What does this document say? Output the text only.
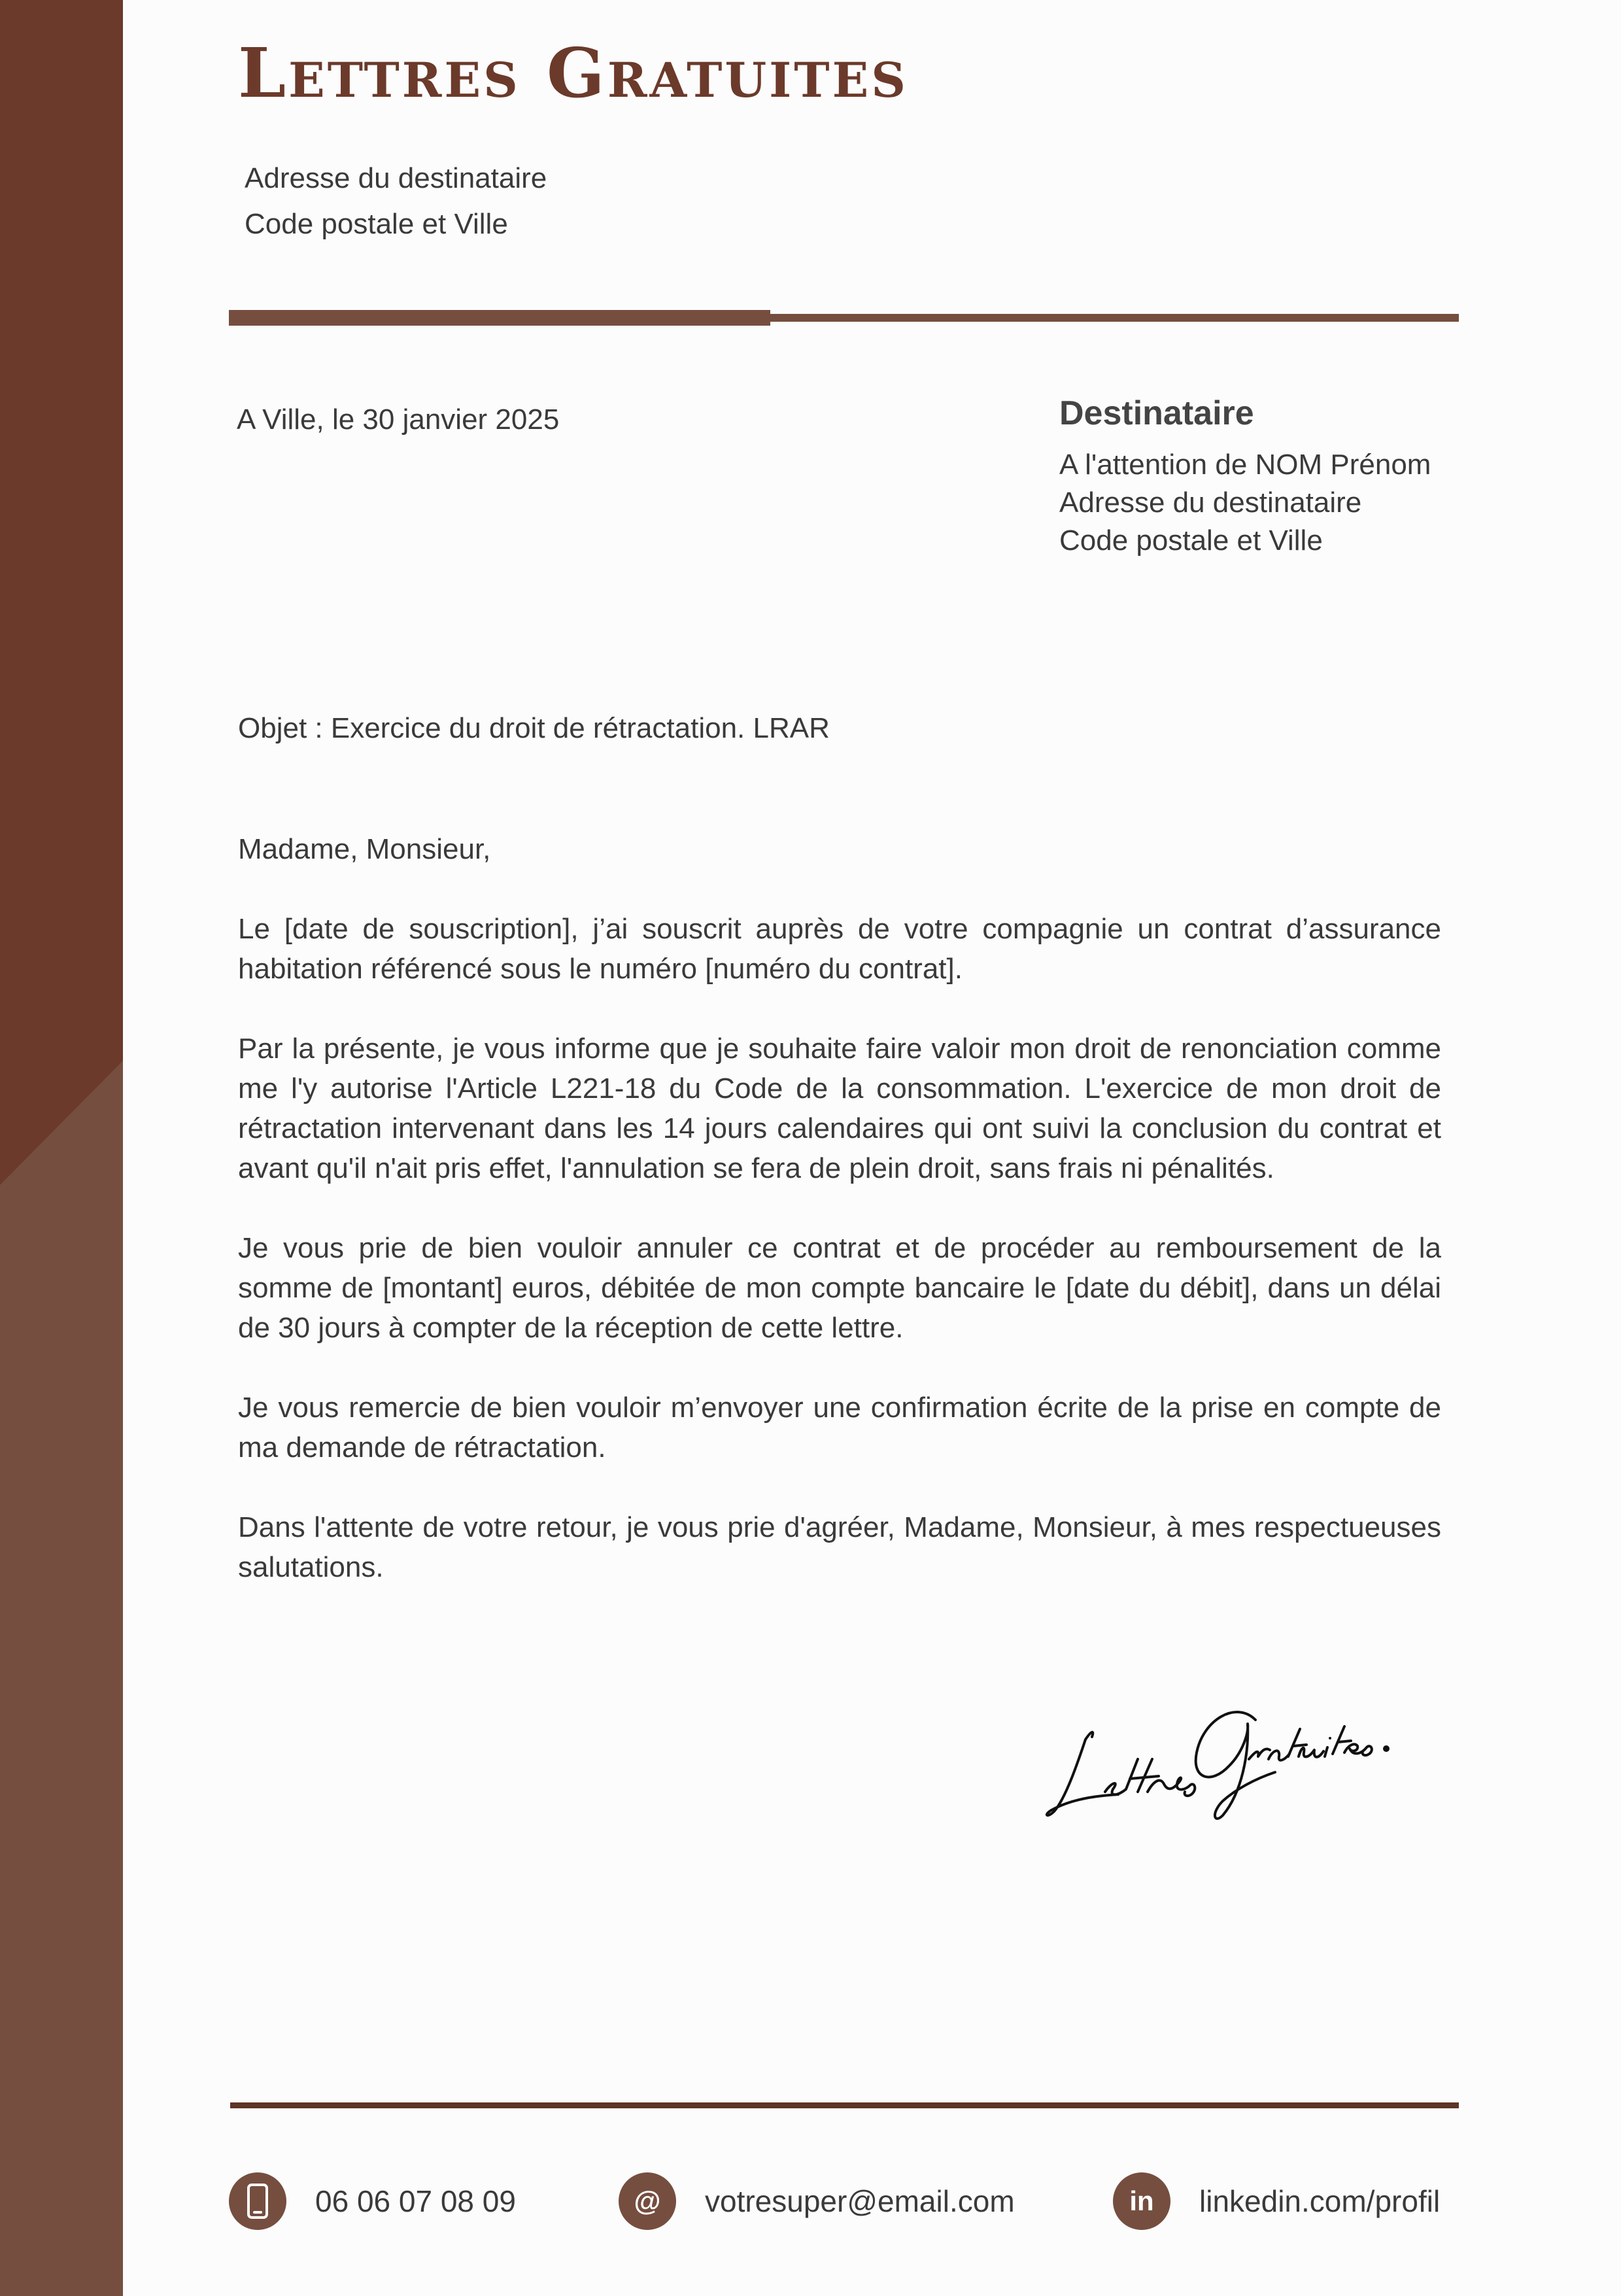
Lettres Gratuites
Adresse du destinataire
Code postale et Ville
A Ville, le 30 janvier 2025	Destinataire
A l'attention de NOM Prénom
Adresse du destinataire
Code postale et Ville
Objet : Exercice du droit de rétractation. LRAR

Madame, Monsieur,

Le [date de souscription], j’ai souscrit auprès de votre compagnie un contrat d’assurance habitation référencé sous le numéro [numéro du contrat].

Par la présente, je vous informe que je souhaite faire valoir mon droit de renonciation comme me l'y autorise l'Article L221-18 du Code de la consommation. L'exercice de mon droit de rétractation intervenant dans les 14 jours calendaires qui ont suivi la conclusion du contrat et avant qu'il n'ait pris effet, l'annulation se fera de plein droit, sans frais ni pénalités.

Je vous prie de bien vouloir annuler ce contrat et de procéder au remboursement de la somme de [montant] euros, débitée de mon compte bancaire le [date du débit], dans un délai de 30 jours à compter de la réception de cette lettre.

Je vous remercie de bien vouloir m’envoyer une confirmation écrite de la prise en compte de ma demande de rétractation.

Dans l'attente de votre retour, je vous prie d'agréer, Madame, Monsieur, à mes respectueuses salutations.

06 06 07 08 09	@	votresuper@email.com	in	linkedin.com/profil
